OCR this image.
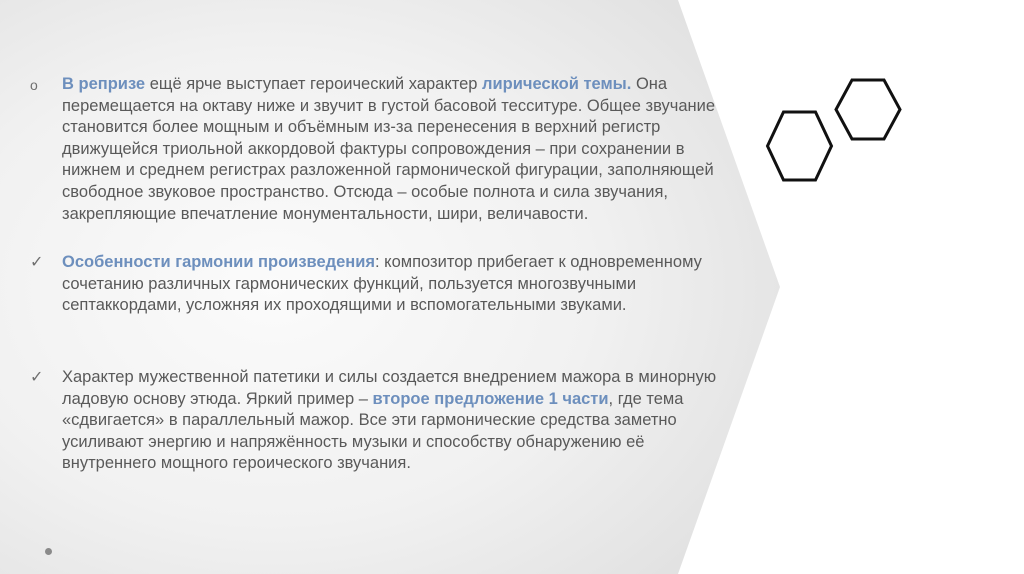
o	В репризе ещё ярче выступает героический характер лирической темы. Она перемещается на октаву ниже и звучит в густой басовой тесситуре. Общее звучание становится более мощным и объёмным из-за перенесения в верхний регистр движущейся триольной аккордовой фактуры сопровождения – при сохранении в нижнем и среднем регистрах разложенной гармонической фигурации, заполняющей свободное звуковое пространство. Отсюда – особые полнота и сила звучания, закрепляющие впечатление монументальности, шири, величавости.
✓	Особенности гармонии произведения: композитор прибегает к одновременному сочетанию различных гармонических функций, пользуется многозвучными септаккордами, усложняя их проходящими и вспомогательными звуками.
✓	Характер мужественной патетики и силы создается внедрением мажора в минорную ладовую основу этюда. Яркий пример – второе предложение 1 части, где тема «сдвигается» в параллельный мажор. Все эти гармонические средства заметно усиливают энергию и напряжённость музыки и способству обнаружению её внутреннего мощного героического звучания.
